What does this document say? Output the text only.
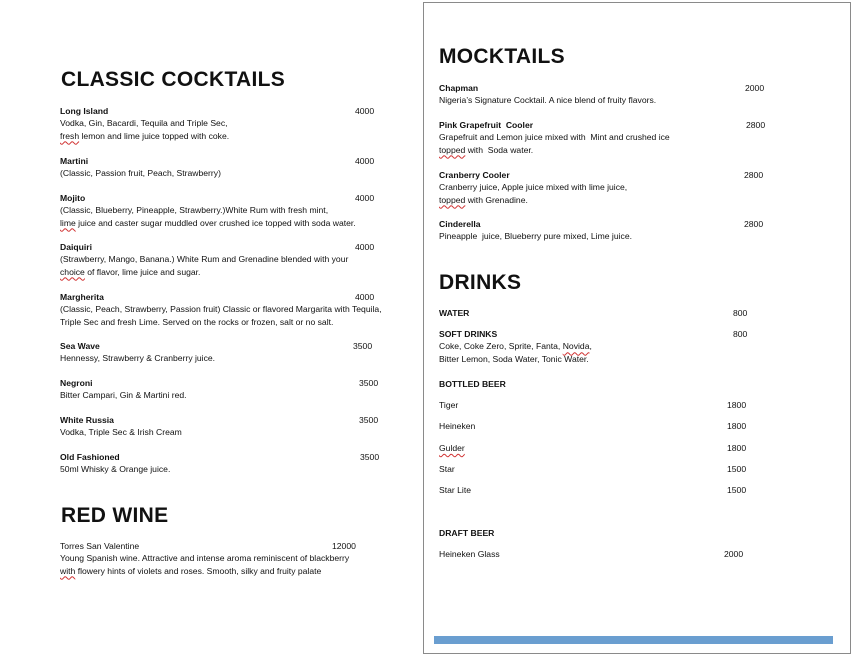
CLASSIC COCKTAILS
Long Island	4000
Vodka, Gin, Bacardi, Tequila and Triple Sec,
fresh lemon and lime juice topped with coke.
Martini	4000
(Classic, Passion fruit, Peach, Strawberry)
Mojito	4000
(Classic, Blueberry, Pineapple, Strawberry.)White Rum with fresh mint,
lime juice and caster sugar muddled over crushed ice topped with soda water.
Daiquiri	4000
(Strawberry, Mango, Banana.) White Rum and Grenadine blended with your
choice of flavor, lime juice and sugar.
Margherita	4000
(Classic, Peach, Strawberry, Passion fruit) Classic or flavored Margarita with Tequila,
Triple Sec and fresh Lime. Served on the rocks or frozen, salt or no salt.
Sea Wave	3500
Hennessy, Strawberry & Cranberry juice.
Negroni	3500
Bitter Campari, Gin & Martini red.
White Russia	3500
Vodka, Triple Sec & Irish Cream
Old Fashioned	3500
50ml Whisky & Orange juice.
RED WINE
Torres San Valentine	12000
Young Spanish wine. Attractive and intense aroma reminiscent of blackberry
with flowery hints of violets and roses. Smooth, silky and fruity palate
MOCKTAILS
Chapman	2000
Nigeria’s Signature Cocktail. A nice blend of fruity flavors.
Pink Grapefruit  Cooler	2800
Grapefruit and Lemon juice mixed with  Mint and crushed ice
topped with  Soda water.
Cranberry Cooler	2800
Cranberry juice, Apple juice mixed with lime juice,
topped with Grenadine.
Cinderella	2800
Pineapple  juice, Blueberry pure mixed, Lime juice.
DRINKS
WATER	800
SOFT DRINKS	800
Coke, Coke Zero, Sprite, Fanta, Novida,
Bitter Lemon, Soda Water, Tonic Water.
BOTTLED BEER
Tiger	1800
Heineken	1800
Gulder	1800
Star	1500
Star Lite	1500
DRAFT BEER
Heineken Glass	2000
